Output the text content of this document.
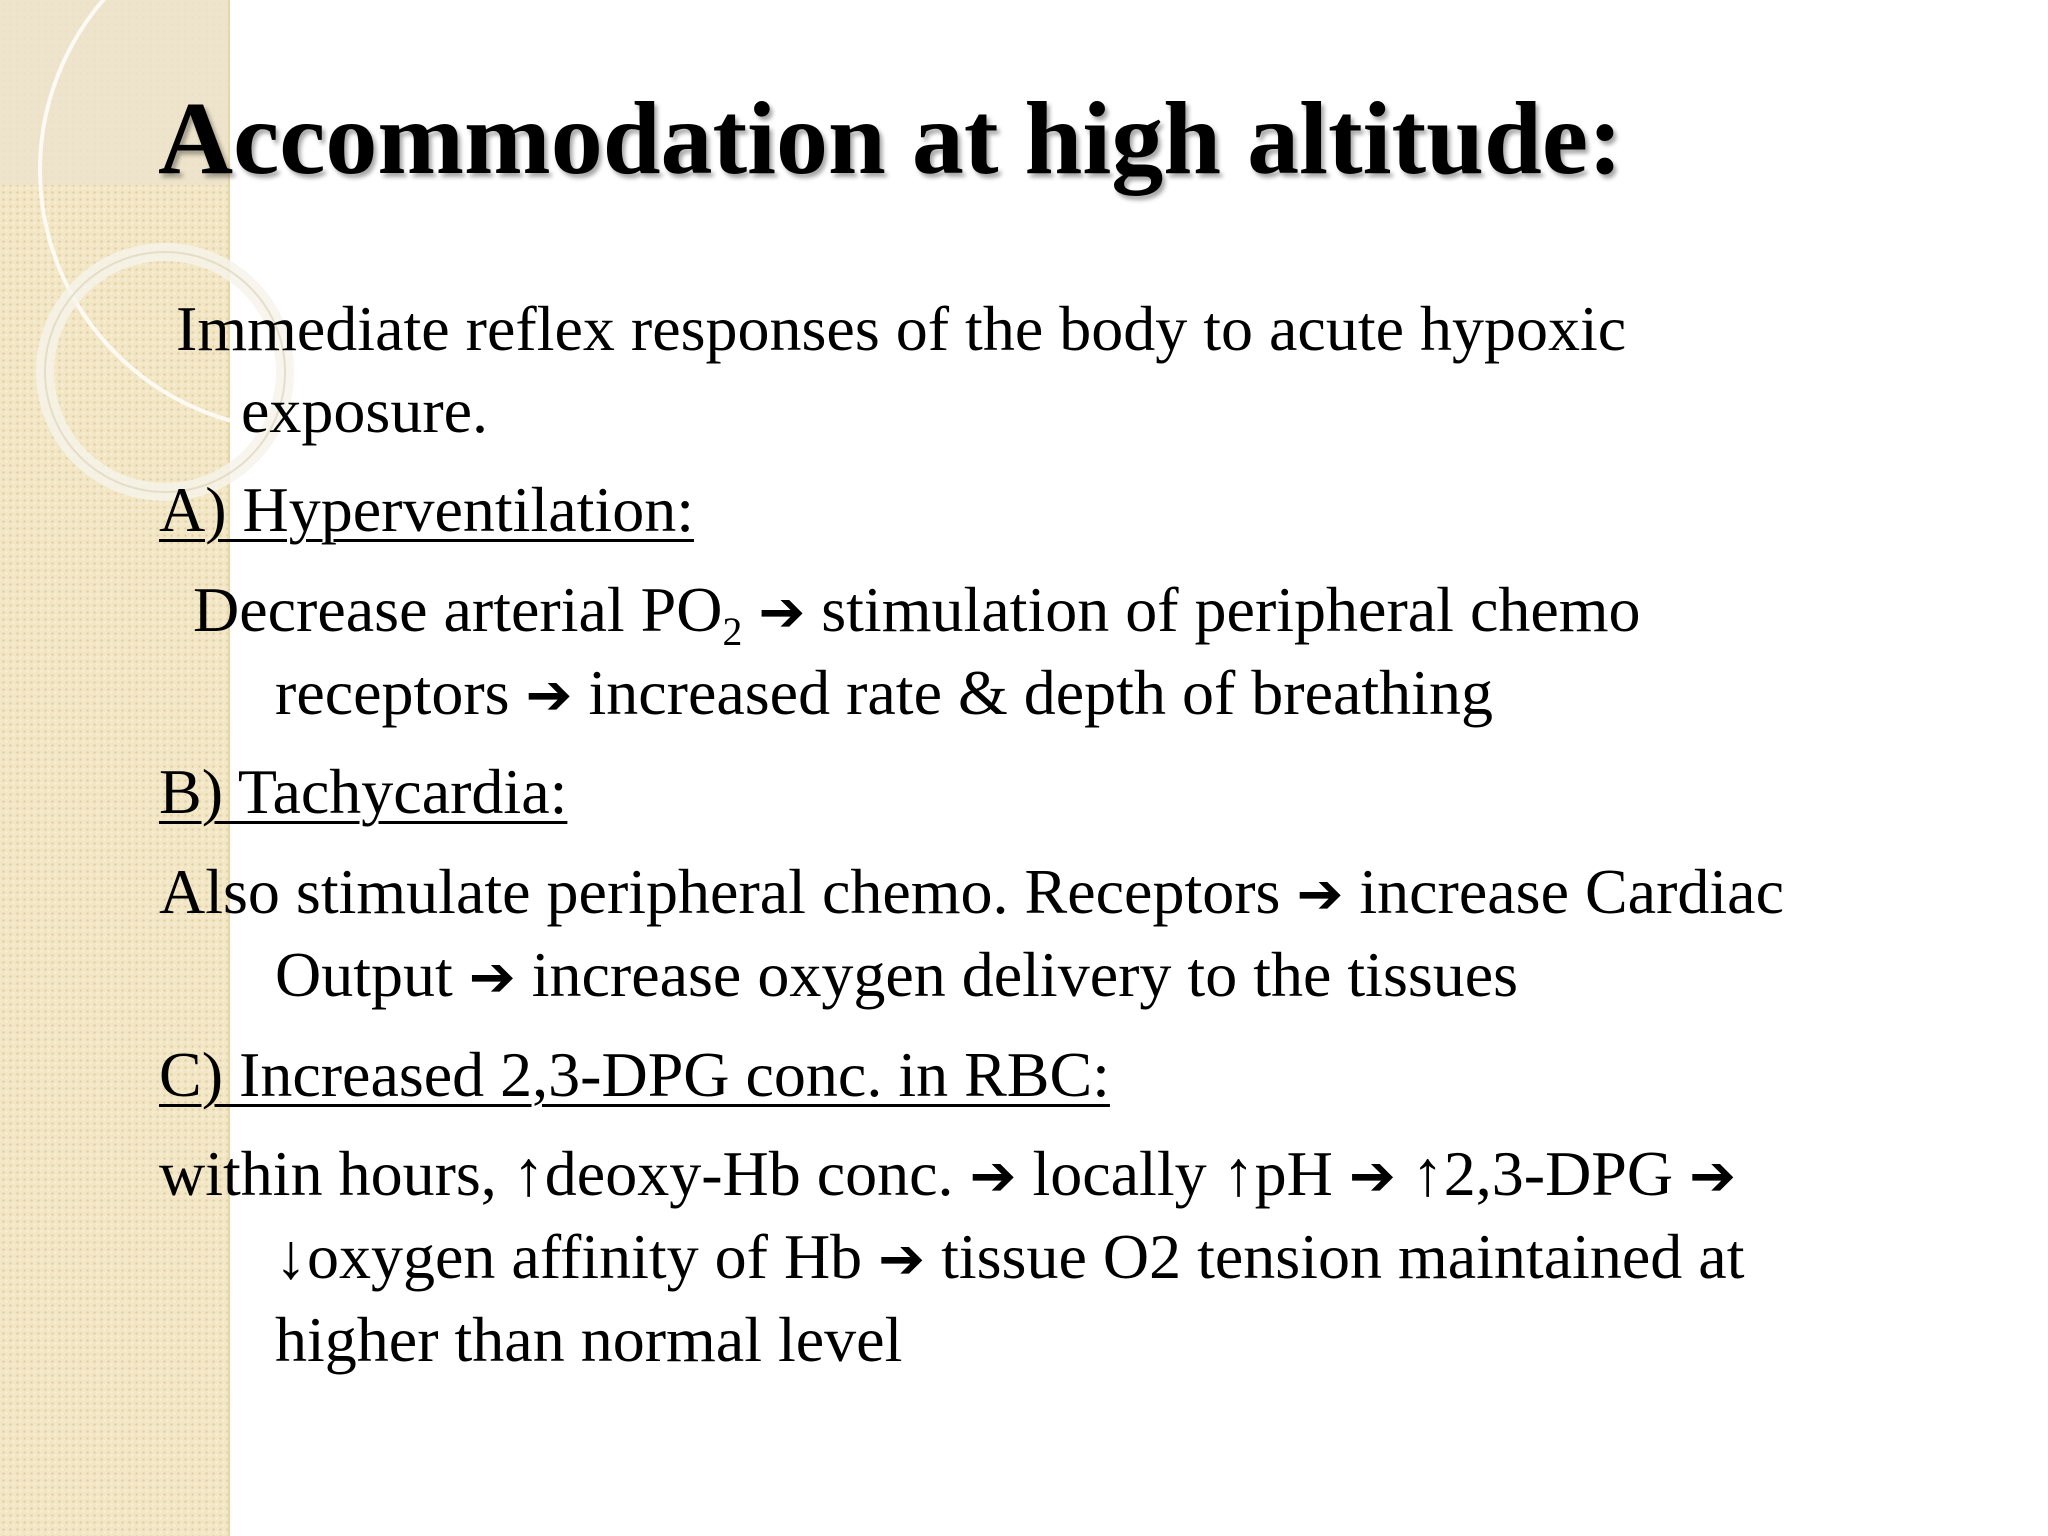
Accommodation at high altitude:

Immediate reflex responses of the body to acute hypoxic

exposure.

A) Hyperventilation:

Decrease arterial $PO_2$ ➔ stimulation of peripheral chemo

receptors ➔ increased rate & depth of breathing

B) Tachycardia:

Also stimulate peripheral chemo. Receptors ➔ increase Cardiac

Output ➔ increase oxygen delivery to the tissues

C) Increased 2,3-DPG conc. in RBC:

within hours, ↑deoxy-Hb conc. ➔ locally ↑pH ➔ ↑2,3-DPG ➔

↓oxygen affinity of Hb ➔ tissue O2 tension maintained at

higher than normal level
